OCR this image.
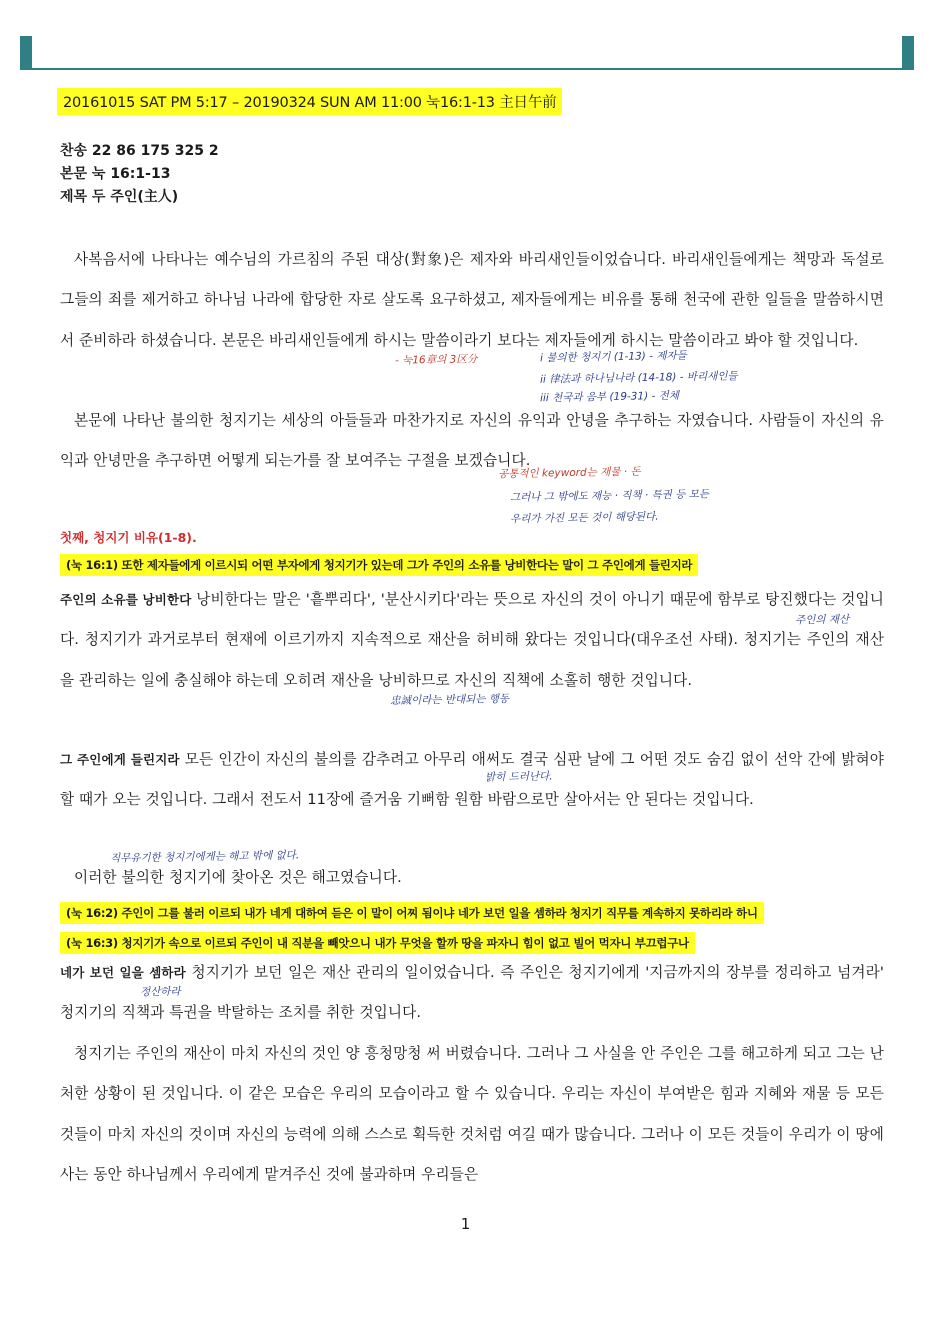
20161015 SAT PM 5:17 – 20190324 SUN AM 11:00 눅16:1-13 主日午前
찬송 22 86 175 325 2
본문 눅 16:1-13
제목 두 주인(主人)
사복음서에 나타나는 예수님의 가르침의 주된 대상(對象)은 제자와 바리새인들이었습니다. 바리새인들에게는 책망과 독설로 그들의 죄를 제거하고 하나님 나라에 합당한 자로 살도록 요구하셨고, 제자들에게는 비유를 통해 천국에 관한 일들을 말씀하시면서 준비하라 하셨습니다. 본문은 바리새인들에게 하시는 말씀이라기 보다는 제자들에게 하시는 말씀이라고 봐야 할 것입니다.
본문에 나타난 불의한 청지기는 세상의 아들들과 마찬가지로 자신의 유익과 안녕을 추구하는 자였습니다. 사람들이 자신의 유익과 안녕만을 추구하면 어떻게 되는가를 잘 보여주는 구절을 보겠습니다.
- 눅16章의 3区分	i 불의한 청지기 (1-13) - 제자들
ii 律法과 하나님나라 (14-18) - 바리새인들
iii 천국과 음부 (19-31) - 전체
공통적인 keyword는 재물 · 돈
그러나 그 밖에도 재능 · 직책 · 특권 등 모든
우리가 가진 모든 것이 해당된다.
첫째, 청지기 비유(1-8).
(눅 16:1) 또한 제자들에게 이르시되 어떤 부자에게 청지기가 있는데 그가 주인의 소유를 낭비한다는 말이 그 주인에게 들린지라
주인의 소유를 낭비한다 낭비한다는 말은 '흩뿌리다', '분산시키다'라는 뜻으로 자신의 것이 아니기 때문에 함부로 탕진했다는 것입니다. 청지기가 과거로부터 현재에 이르기까지 지속적으로 재산을 허비해 왔다는 것입니다(대우조선 사태). 청지기는 주인의 재산을 관리하는 일에 충실해야 하는데 오히려 재산을 낭비하므로 자신의 직책에 소홀히 행한 것입니다.
주인의 재산
忠誠이라는 반대되는 행동
그 주인에게 들린지라 모든 인간이 자신의 불의를 감추려고 아무리 애써도 결국 심판 날에 그 어떤 것도 숨김 없이 선악 간에 밝혀야 할 때가 오는 것입니다. 그래서 전도서 11장에 즐거움 기뻐함 원함 바람으로만 살아서는 안 된다는 것입니다.
밝히 드러난다.
직무유기한 청지기에게는 해고 밖에 없다.
이러한 불의한 청지기에 찾아온 것은 해고였습니다.
(눅 16:2) 주인이 그를 불러 이르되 내가 네게 대하여 듣은 이 말이 어찌 됨이냐 네가 보던 일을 셈하라 청지기 직무를 계속하지 못하리라 하니
(눅 16:3) 청지기가 속으로 이르되 주인이 내 직분을 빼앗으니 내가 무엇을 할까 땅을 파자니 힘이 없고 빌어 먹자니 부끄럽구나
네가 보던 일을 셈하라 청지기가 보던 일은 재산 관리의 일이었습니다. 즉 주인은 청지기에게 '지금까지의 장부를 정리하고 넘겨라' 청지기의 직책과 특권을 박탈하는 조치를 취한 것입니다.
정산하라
청지기는 주인의 재산이 마치 자신의 것인 양 흥청망청 써 버렸습니다. 그러나 그 사실을 안 주인은 그를 해고하게 되고 그는 난처한 상황이 된 것입니다. 이 같은 모습은 우리의 모습이라고 할 수 있습니다. 우리는 자신이 부여받은 힘과 지혜와 재물 등 모든 것들이 마치 자신의 것이며 자신의 능력에 의해 스스로 획득한 것처럼 여길 때가 많습니다. 그러나 이 모든 것들이 우리가 이 땅에 사는 동안 하나님께서 우리에게 맡겨주신 것에 불과하며 우리들은
1
